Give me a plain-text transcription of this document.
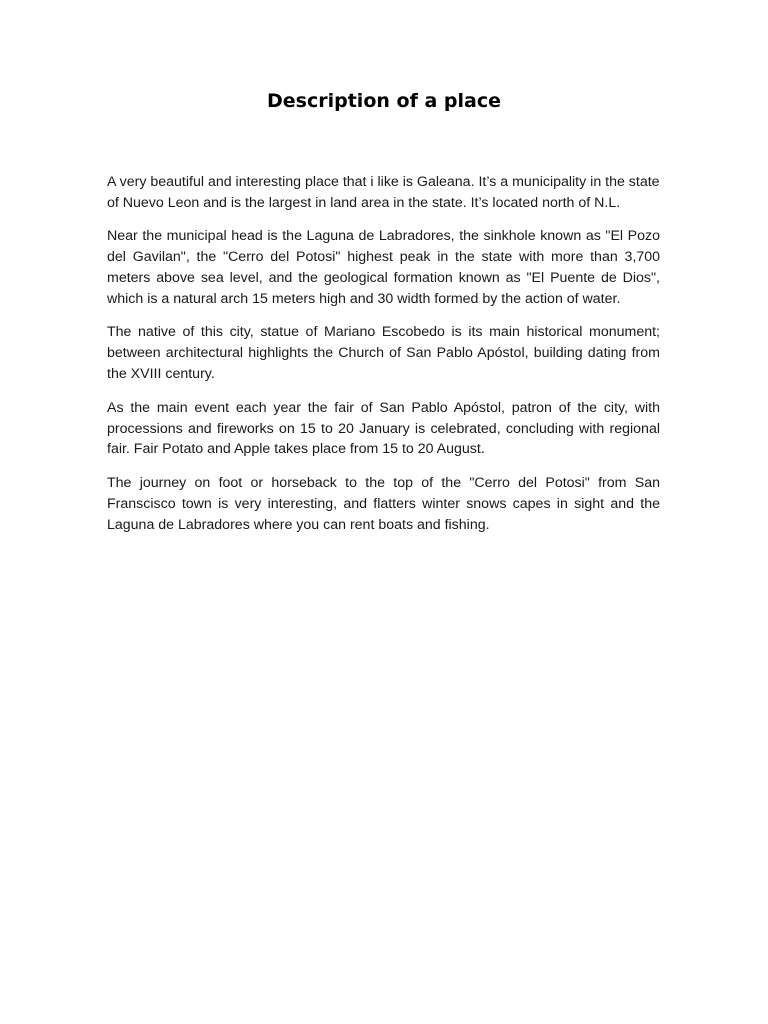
Description of a place

A very beautiful and interesting place that i like is Galeana. It’s a municipality in the state of Nuevo Leon and is the largest in land area in the state. It’s located north of N.L.

Near the municipal head is the Laguna de Labradores, the sinkhole known as "El Pozo del Gavilan", the "Cerro del Potosi" highest peak in the state with more than 3,700 meters above sea level, and the geological formation known as "El Puente de Dios", which is a natural arch 15 meters high and 30 width formed by the action of water.

The native of this city, statue of Mariano Escobedo is its main historical monument; between architectural highlights the Church of San Pablo Apóstol, building dating from the XVIII century.

As the main event each year the fair of San Pablo Apóstol, patron of the city, with processions and fireworks on 15 to 20 January is celebrated, concluding with regional fair. Fair Potato and Apple takes place from 15 to 20 August.

The journey on foot or horseback to the top of the "Cerro del Potosi" from San Franscisco town is very interesting, and flatters winter snows capes in sight and the Laguna de Labradores where you can rent boats and fishing.
